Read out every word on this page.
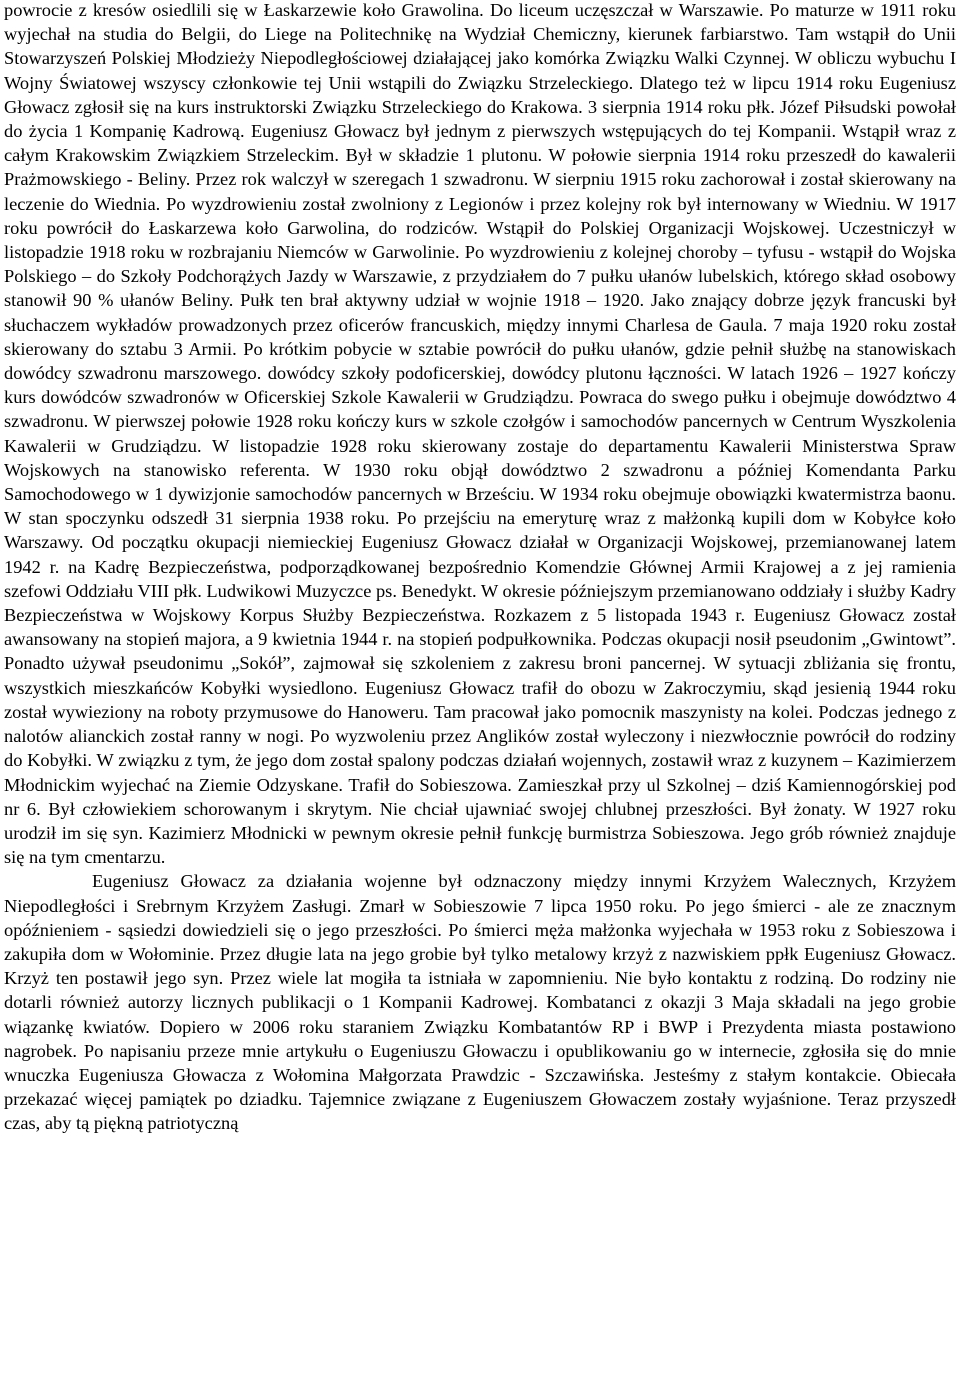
powrocie z kresów osiedlili się w Łaskarzewie koło Grawolina. Do liceum uczęszczał w Warszawie. Po maturze w 1911 roku wyjechał na studia do Belgii, do Liege na Politechnikę na Wydział Chemiczny, kierunek farbiarstwo. Tam wstąpił do Unii Stowarzyszeń Polskiej Młodzieży Niepodległościowej działającej jako komórka Związku Walki Czynnej. W obliczu wybuchu I Wojny Światowej wszyscy członkowie tej Unii wstąpili do Związku Strzeleckiego. Dlatego też w lipcu 1914 roku Eugeniusz Głowacz zgłosił się na kurs instruktorski Związku Strzeleckiego do Krakowa. 3 sierpnia 1914 roku płk. Józef Piłsudski powołał do życia 1 Kompanię Kadrową. Eugeniusz Głowacz był jednym z pierwszych wstępujących do tej Kompanii. Wstąpił wraz z całym Krakowskim Związkiem Strzeleckim. Był w składzie 1 plutonu. W połowie sierpnia 1914 roku przeszedł do kawalerii Prażmowskiego - Beliny. Przez rok walczył w szeregach 1 szwadronu. W sierpniu 1915 roku zachorował i został skierowany na leczenie do Wiednia. Po wyzdrowieniu został zwolniony z Legionów i przez kolejny rok był internowany w Wiedniu. W 1917 roku powrócił do Łaskarzewa koło Garwolina, do rodziców. Wstąpił do Polskiej Organizacji Wojskowej. Uczestniczył w listopadzie 1918 roku w rozbrajaniu Niemców w Garwolinie. Po wyzdrowieniu z kolejnej choroby – tyfusu - wstąpił do Wojska Polskiego – do Szkoły Podchorążych Jazdy w Warszawie, z przydziałem do 7 pułku ułanów lubelskich, którego skład osobowy stanowił 90 % ułanów Beliny. Pułk ten brał aktywny udział w wojnie 1918 – 1920. Jako znający dobrze język francuski był słuchaczem wykładów prowadzonych przez oficerów francuskich, między innymi Charlesa de Gaula. 7 maja 1920 roku został skierowany do sztabu 3 Armii. Po krótkim pobycie w sztabie powrócił do pułku ułanów, gdzie pełnił służbę na stanowiskach dowódcy szwadronu marszowego. dowódcy szkoły podoficerskiej, dowódcy plutonu łączności. W latach 1926 – 1927 kończy kurs dowódców szwadronów w Oficerskiej Szkole Kawalerii w Grudziądzu. Powraca do swego pułku i obejmuje dowództwo 4 szwadronu. W pierwszej połowie 1928 roku kończy kurs w szkole czołgów i samochodów pancernych w Centrum Wyszkolenia Kawalerii w Grudziądzu. W listopadzie 1928 roku skierowany zostaje do departamentu Kawalerii Ministerstwa Spraw Wojskowych na stanowisko referenta. W 1930 roku objął dowództwo 2 szwadronu a później Komendanta Parku Samochodowego w 1 dywizjonie samochodów pancernych w Brześciu. W 1934 roku obejmuje obowiązki kwatermistrza baonu. W stan spoczynku odszedł 31 sierpnia 1938 roku. Po przejściu na emeryturę wraz z małżonką kupili dom w Kobyłce koło Warszawy. Od początku okupacji niemieckiej Eugeniusz Głowacz działał w Organizacji Wojskowej, przemianowanej latem 1942 r. na Kadrę Bezpieczeństwa, podporządkowanej bezpośrednio Komendzie Głównej Armii Krajowej a z jej ramienia szefowi Oddziału VIII płk. Ludwikowi Muzyczce ps. Benedykt. W okresie późniejszym przemianowano oddziały i służby Kadry Bezpieczeństwa w Wojskowy Korpus Służby Bezpieczeństwa. Rozkazem z 5 listopada 1943 r. Eugeniusz Głowacz został awansowany na stopień majora, a 9 kwietnia 1944 r. na stopień podpułkownika. Podczas okupacji nosił pseudonim „Gwintowt”. Ponadto używał pseudonimu „Sokół”, zajmował się szkoleniem z zakresu broni pancernej. W sytuacji zbliżania się frontu, wszystkich mieszkańców Kobyłki wysiedlono. Eugeniusz Głowacz trafił do obozu w Zakroczymiu, skąd jesienią 1944 roku został wywieziony na roboty przymusowe do Hanoweru. Tam pracował jako pomocnik maszynisty na kolei. Podczas jednego z nalotów alianckich został ranny w nogi. Po wyzwoleniu przez Anglików został wyleczony i niezwłocznie powrócił do rodziny do Kobyłki. W związku z tym, że jego dom został spalony podczas działań wojennych, zostawił wraz z kuzynem – Kazimierzem Młodnickim wyjechać na Ziemie Odzyskane. Trafił do Sobieszowa. Zamieszkał przy ul Szkolnej – dziś Kamiennogórskiej pod nr 6. Był człowiekiem schorowanym i skrytym. Nie chciał ujawniać swojej chlubnej przeszłości. Był żonaty. W 1927 roku urodził im się syn. Kazimierz Młodnicki w pewnym okresie pełnił funkcję burmistrza Sobieszowa. Jego grób również znajduje się na tym cmentarzu.

Eugeniusz Głowacz za działania wojenne był odznaczony między innymi Krzyżem Walecznych, Krzyżem Niepodległości i Srebrnym Krzyżem Zasługi. Zmarł w Sobieszowie 7 lipca 1950 roku. Po jego śmierci - ale ze znacznym opóźnieniem - sąsiedzi dowiedzieli się o jego przeszłości. Po śmierci męża małżonka wyjechała w 1953 roku z Sobieszowa i zakupiła dom w Wołominie. Przez długie lata na jego grobie był tylko metalowy krzyż z nazwiskiem ppłk Eugeniusz Głowacz. Krzyż ten postawił jego syn. Przez wiele lat mogiła ta istniała w zapomnieniu. Nie było kontaktu z rodziną. Do rodziny nie dotarli również autorzy licznych publikacji o 1 Kompanii Kadrowej. Kombatanci z okazji 3 Maja składali na jego grobie wiązankę kwiatów. Dopiero w 2006 roku staraniem Związku Kombatantów RP i BWP i Prezydenta miasta postawiono nagrobek. Po napisaniu przeze mnie artykułu o Eugeniuszu Głowaczu i opublikowaniu go w internecie, zgłosiła się do mnie wnuczka Eugeniusza Głowacza z Wołomina Małgorzata Prawdzic - Szczawińska. Jesteśmy z stałym kontakcie. Obiecała przekazać więcej pamiątek po dziadku. Tajemnice związane z Eugeniuszem Głowaczem zostały wyjaśnione. Teraz przyszedł czas, aby tą piękną patriotyczną
